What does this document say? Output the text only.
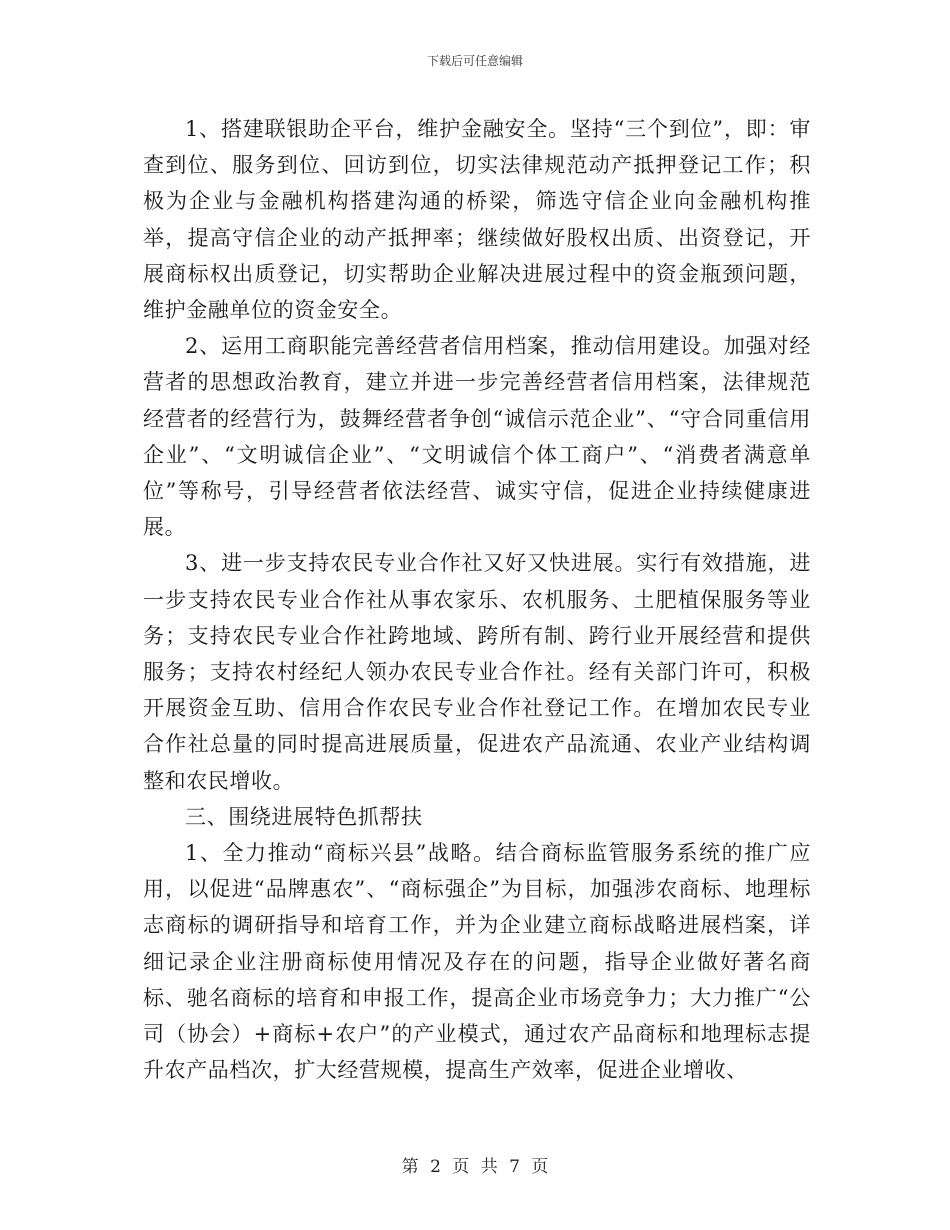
下载后可任意编辑

1、搭建联银助企平台，维护金融安全。坚持“三个到位”，即：审查到位、服务到位、回访到位，切实法律规范动产抵押登记工作；积极为企业与金融机构搭建沟通的桥梁，筛选守信企业向金融机构推举，提高守信企业的动产抵押率；继续做好股权出质、出资登记，开展商标权出质登记，切实帮助企业解决进展过程中的资金瓶颈问题，维护金融单位的资金安全。

2、运用工商职能完善经营者信用档案，推动信用建设。加强对经营者的思想政治教育，建立并进一步完善经营者信用档案，法律规范经营者的经营行为，鼓舞经营者争创“诚信示范企业”、“守合同重信用企业”、“文明诚信企业”、“文明诚信个体工商户”、“消费者满意单位”等称号，引导经营者依法经营、诚实守信，促进企业持续健康进展。

3、进一步支持农民专业合作社又好又快进展。实行有效措施，进一步支持农民专业合作社从事农家乐、农机服务、土肥植保服务等业务；支持农民专业合作社跨地域、跨所有制、跨行业开展经营和提供服务；支持农村经纪人领办农民专业合作社。经有关部门许可，积极开展资金互助、信用合作农民专业合作社登记工作。在增加农民专业合作社总量的同时提高进展质量，促进农产品流通、农业产业结构调整和农民增收。

三、围绕进展特色抓帮扶

1、全力推动“商标兴县”战略。结合商标监管服务系统的推广应用，以促进“品牌惠农”、“商标强企”为目标，加强涉农商标、地理标志商标的调研指导和培育工作，并为企业建立商标战略进展档案，详细记录企业注册商标使用情况及存在的问题，指导企业做好著名商标、驰名商标的培育和申报工作，提高企业市场竞争力；大力推广“公司（协会）+商标+农户”的产业模式，通过农产品商标和地理标志提升农产品档次，扩大经营规模，提高生产效率，促进企业增收、

第 2 页 共 7 页
